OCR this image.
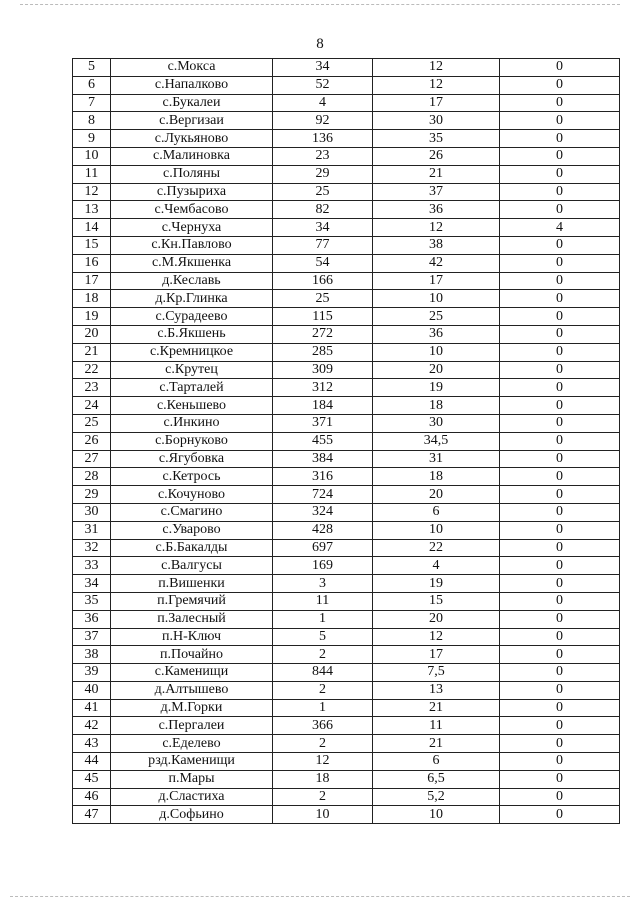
8
5	с.Мокса	34	12	0
6	с.Напалково	52	12	0
7	с.Букалеи	4	17	0
8	с.Вергизаи	92	30	0
9	с.Лукьяново	136	35	0
10	с.Малиновка	23	26	0
11	с.Поляны	29	21	0
12	с.Пузыриха	25	37	0
13	с.Чембасово	82	36	0
14	с.Чернуха	34	12	4
15	с.Кн.Павлово	77	38	0
16	с.М.Якшенка	54	42	0
17	д.Кеславь	166	17	0
18	д.Кр.Глинка	25	10	0
19	с.Сурадеево	115	25	0
20	с.Б.Якшень	272	36	0
21	с.Кремницкое	285	10	0
22	с.Крутец	309	20	0
23	с.Тарталей	312	19	0
24	с.Кеньшево	184	18	0
25	с.Инкино	371	30	0
26	с.Борнуково	455	34,5	0
27	с.Ягубовка	384	31	0
28	с.Кетрось	316	18	0
29	с.Кочуново	724	20	0
30	с.Смагино	324	6	0
31	с.Уварово	428	10	0
32	с.Б.Бакалды	697	22	0
33	с.Валгусы	169	4	0
34	п.Вишенки	3	19	0
35	п.Гремячий	11	15	0
36	п.Залесный	1	20	0
37	п.Н-Ключ	5	12	0
38	п.Почайно	2	17	0
39	с.Каменищи	844	7,5	0
40	д.Алтышево	2	13	0
41	д.М.Горки	1	21	0
42	с.Пергалеи	366	11	0
43	с.Еделево	2	21	0
44	рзд.Каменищи	12	6	0
45	п.Мары	18	6,5	0
46	д.Сластиха	2	5,2	0
47	д.Софьино	10	10	0
